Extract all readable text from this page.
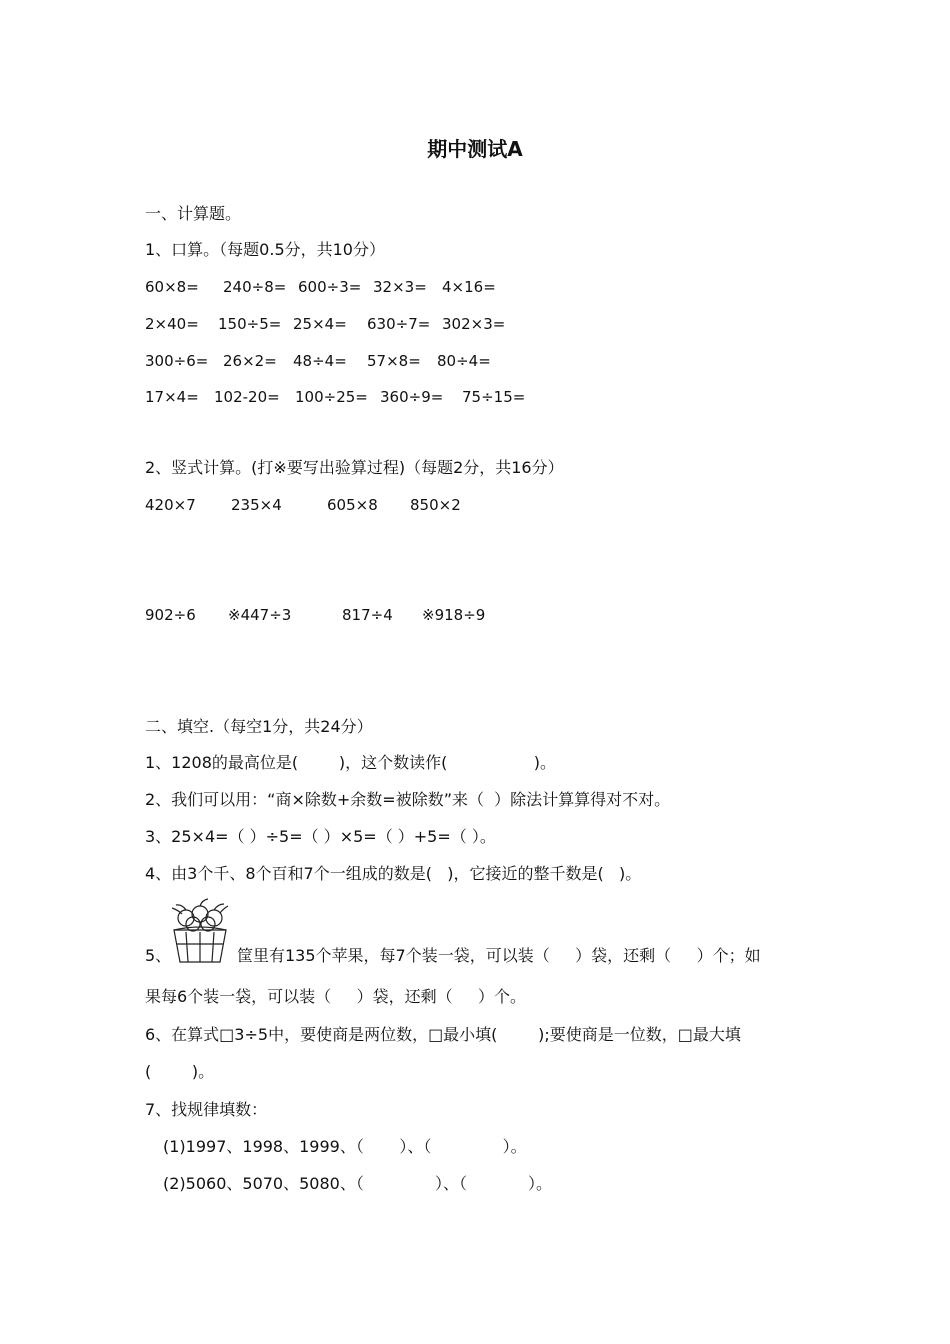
期中测试A
一、计算题。
1、口算。（每题0.5分，共10分）
60×8= 240÷8= 600÷3= 32×3= 4×16=
2×40= 150÷5= 25×4= 630÷7= 302×3=
300÷6= 26×2= 48÷4= 57×8= 80÷4=
17×4= 102-20= 100÷25= 360÷9= 75÷15=
2、竖式计算。(打※要写出验算过程)（每题2分，共16分）
420×7 235×4	605×8 850×2
902÷6 ※447÷3	817÷4 ※918÷9
二、填空.（每空1分，共24分）
1、1208的最高位是(        )，这个数读作(                 )。
2、我们可以用：“商×除数+余数=被除数”来（  ）除法计算算得对不对。
3、25×4=（ ）÷5=（ ）×5=（ ）+5=（ ）。
4、由3个千、8个百和7个一组成的数是(   )，它接近的整千数是(   )。
5、	筐里有135个苹果，每7个装一袋，可以装（     ）袋，还剩（     ）个；如
果每6个装一袋，可以装（     ）袋，还剩（     ）个。
6、在算式□3÷5中，要使商是两位数，□最小填(        );要使商是一位数，□最大填
(        )。
7、找规律填数：
(1)1997、1998、1999、（       ）、（              ）。
(2)5060、5070、5080、（              ）、（            ）。
